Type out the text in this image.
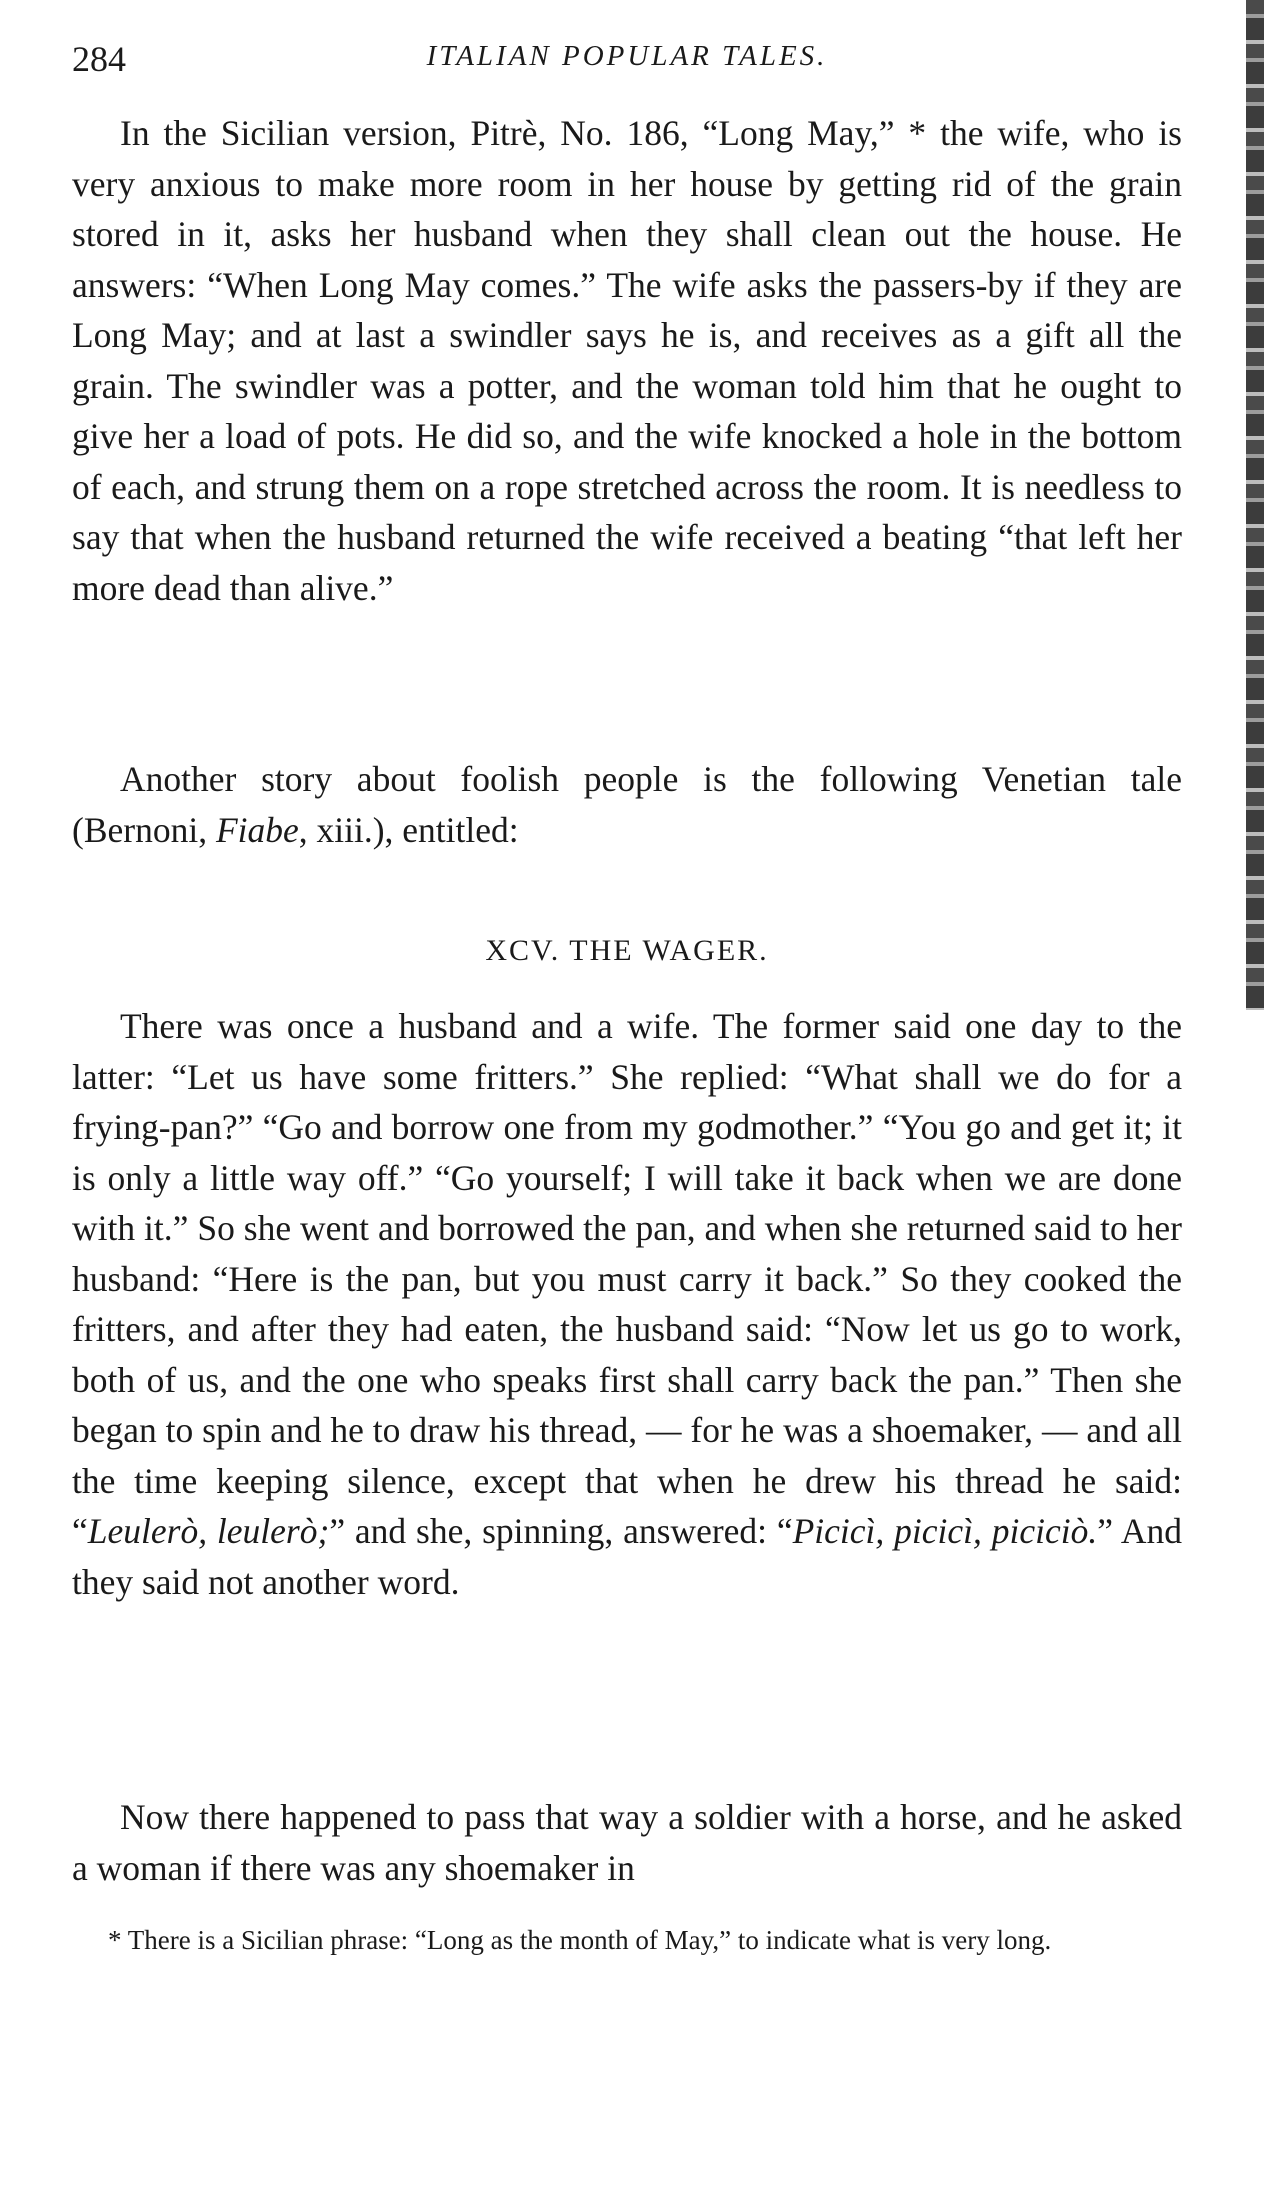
284	ITALIAN POPULAR TALES.

In the Sicilian version, Pitrè, No. 186, “Long May,” * the wife, who is very anxious to make more room in her house by getting rid of the grain stored in it, asks her husband when they shall clean out the house. He answers: “When Long May comes.” The wife asks the passers-by if they are Long May; and at last a swindler says he is, and receives as a gift all the grain. The swindler was a potter, and the woman told him that he ought to give her a load of pots. He did so, and the wife knocked a hole in the bottom of each, and strung them on a rope stretched across the room. It is needless to say that when the husband returned the wife received a beating “that left her more dead than alive.”

Another story about foolish people is the following Venetian tale (Bernoni, Fiabe, xiii.), entitled:

XCV. THE WAGER.

There was once a husband and a wife. The former said one day to the latter: “Let us have some fritters.” She replied: “What shall we do for a frying-pan?” “Go and borrow one from my godmother.” “You go and get it; it is only a little way off.” “Go yourself; I will take it back when we are done with it.” So she went and borrowed the pan, and when she returned said to her husband: “Here is the pan, but you must carry it back.” So they cooked the fritters, and after they had eaten, the husband said: “Now let us go to work, both of us, and the one who speaks first shall carry back the pan.” Then she began to spin and he to draw his thread, — for he was a shoemaker, — and all the time keeping silence, except that when he drew his thread he said: “Leulerò, leulerò;” and she, spinning, answered: “Picicì, picicì, piciciò.” And they said not another word.

Now there happened to pass that way a soldier with a horse, and he asked a woman if there was any shoemaker in

* There is a Sicilian phrase: “Long as the month of May,” to indicate what is very long.
